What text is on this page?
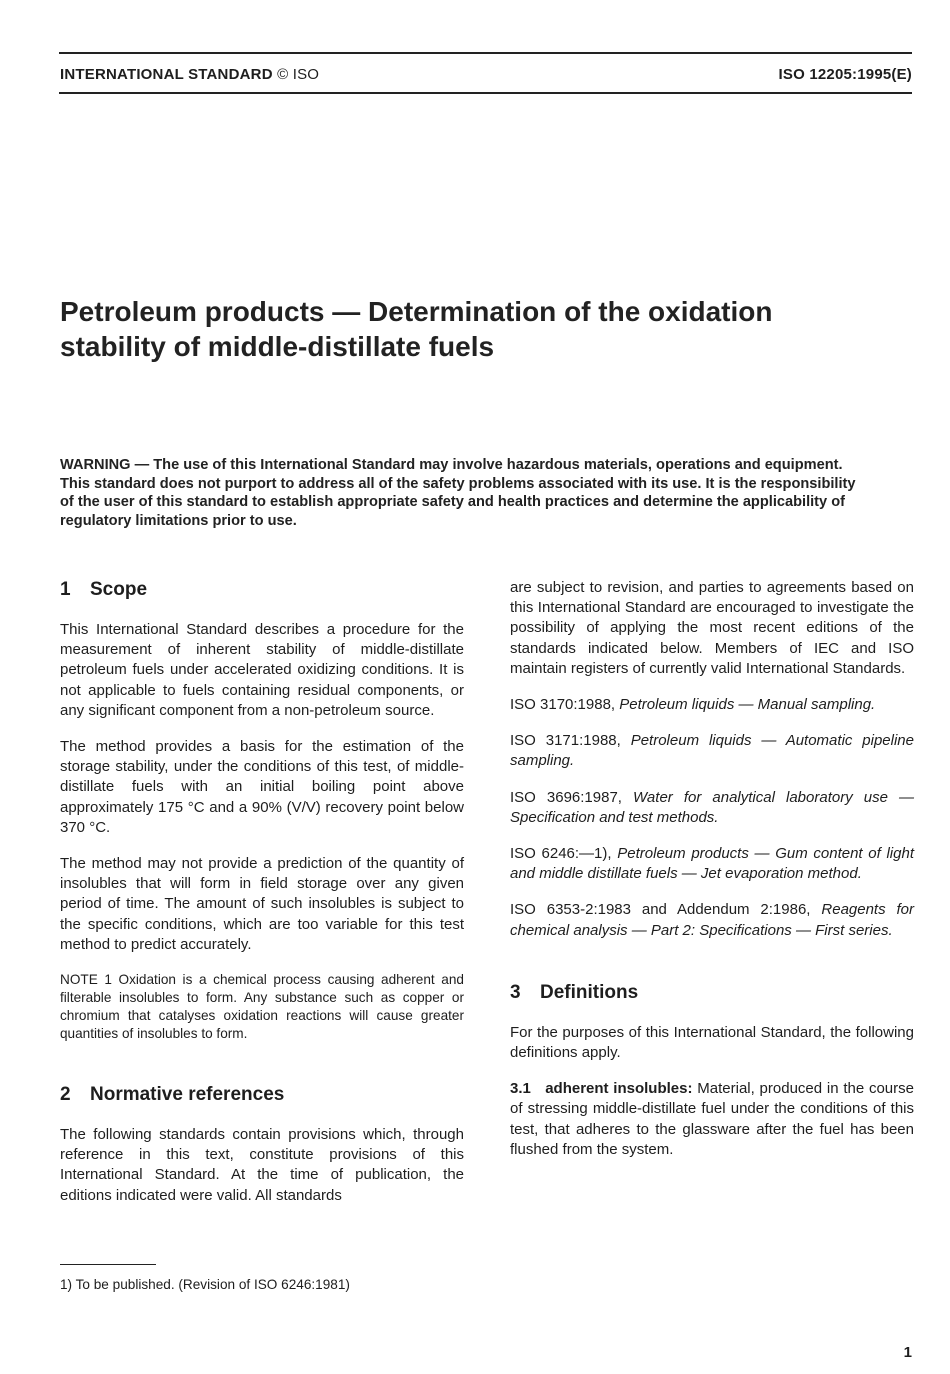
INTERNATIONAL STANDARD © ISO	ISO 12205:1995(E)
Petroleum products — Determination of the oxidation
stability of middle-distillate fuels
WARNING — The use of this International Standard may involve hazardous materials, operations and equipment. This standard does not purport to address all of the safety problems associated with its use. It is the responsibility of the user of this standard to establish appropriate safety and health practices and determine the applicability of regulatory limitations prior to use.
1 Scope

This International Standard describes a procedure for the measurement of inherent stability of middle-distillate petroleum fuels under accelerated oxidizing conditions. It is not applicable to fuels containing residual components, or any significant component from a non-petroleum source.

The method provides a basis for the estimation of the storage stability, under the conditions of this test, of middle-distillate fuels with an initial boiling point above approximately 175 °C and a 90% (V/V) recovery point below 370 °C.

The method may not provide a prediction of the quantity of insolubles that will form in field storage over any given period of time. The amount of such insolubles is subject to the specific conditions, which are too variable for this test method to predict accurately.

NOTE 1 Oxidation is a chemical process causing adherent and filterable insolubles to form. Any substance such as copper or chromium that catalyses oxidation reactions will cause greater quantities of insolubles to form.

2 Normative references

The following standards contain provisions which, through reference in this text, constitute provisions of this International Standard. At the time of publication, the editions indicated were valid. All standards

are subject to revision, and parties to agreements based on this International Standard are encouraged to investigate the possibility of applying the most recent editions of the standards indicated below. Members of IEC and ISO maintain registers of currently valid International Standards.

ISO 3170:1988, Petroleum liquids — Manual sampling.

ISO 3171:1988, Petroleum liquids — Automatic pipeline sampling.

ISO 3696:1987, Water for analytical laboratory use — Specification and test methods.

ISO 6246:—1), Petroleum products — Gum content of light and middle distillate fuels — Jet evaporation method.

ISO 6353-2:1983 and Addendum 2:1986, Reagents for chemical analysis — Part 2: Specifications — First series.

3 Definitions

For the purposes of this International Standard, the following definitions apply.

3.1 adherent insolubles: Material, produced in the course of stressing middle-distillate fuel under the conditions of this test, that adheres to the glassware after the fuel has been flushed from the system.

1) To be published. (Revision of ISO 6246:1981)
1
